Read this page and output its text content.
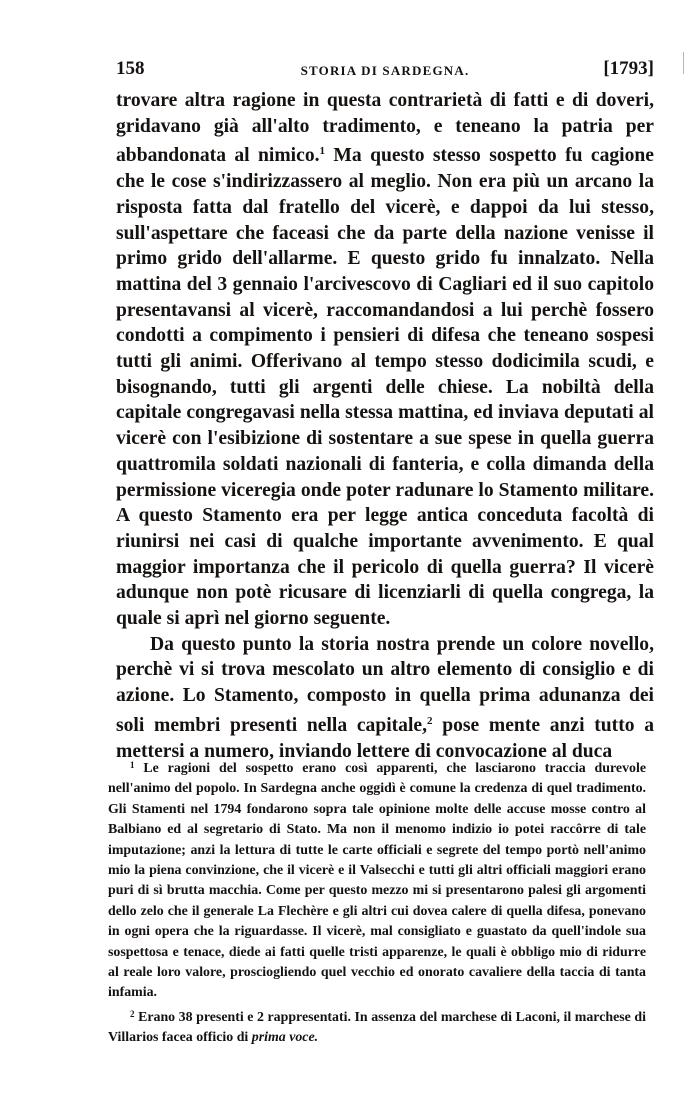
158	STORIA DI SARDEGNA.	[1793]

trovare altra ragione in questa contrarietà di fatti e di doveri, gridavano già all'alto tradimento, e teneano la patria per abbandonata al nimico.$^1$ Ma questo stesso sospetto fu cagione che le cose s'indirizzassero al meglio. Non era più un arcano la risposta fatta dal fratello del vicerè, e dappoi da lui stesso, sull'aspettare che faceasi che da parte della nazione venisse il primo grido dell'allarme. E questo grido fu innalzato. Nella mattina del 3 gennaio l'arcivescovo di Cagliari ed il suo capitolo presentavansi al vicerè, raccomandandosi a lui perchè fossero condotti a compimento i pensieri di difesa che teneano sospesi tutti gli animi. Offerivano al tempo stesso dodicimila scudi, e bisognando, tutti gli argenti delle chiese. La nobiltà della capitale congregavasi nella stessa mattina, ed inviava deputati al vicerè con l'esibizione di sostentare a sue spese in quella guerra quattromila soldati nazionali di fanteria, e colla dimanda della permissione viceregia onde poter radunare lo Stamento militare. A questo Stamento era per legge antica conceduta facoltà di riunirsi nei casi di qualche importante avvenimento. E qual maggior importanza che il pericolo di quella guerra? Il vicerè adunque non potè ricusare di licenziarli di quella congrega, la quale si aprì nel giorno seguente.

Da questo punto la storia nostra prende un colore novello, perchè vi si trova mescolato un altro elemento di consiglio e di azione. Lo Stamento, composto in quella prima adunanza dei soli membri presenti nella capitale,$^2$ pose mente anzi tutto a mettersi a numero, inviando lettere di convocazione al duca

$^1$ Le ragioni del sospetto erano così apparenti, che lasciarono traccia durevole nell'animo del popolo. In Sardegna anche oggidì è comune la credenza di quel tradimento. Gli Stamenti nel 1794 fondarono sopra tale opinione molte delle accuse mosse contro al Balbiano ed al segretario di Stato. Ma non il menomo indizio io potei raccôrre di tale imputazione; anzi la lettura di tutte le carte officiali e segrete del tempo portò nell'animo mio la piena convinzione, che il vicerè e il Valsecchi e tutti gli altri officiali maggiori erano puri di sì brutta macchia. Come per questo mezzo mi si presentarono palesi gli argomenti dello zelo che il generale La Flechère e gli altri cui dovea calere di quella difesa, ponevano in ogni opera che la riguardasse. Il vicerè, mal consigliato e guastato da quell'indole sua sospettosa e tenace, diede ai fatti quelle tristi apparenze, le quali è obbligo mio di ridurre al reale loro valore, prosciogliendo quel vecchio ed onorato cavaliere della taccia di tanta infamia.

$^2$ Erano 38 presenti e 2 rappresentati. In assenza del marchese di Laconi, il marchese di Villarios facea officio di prima voce.
